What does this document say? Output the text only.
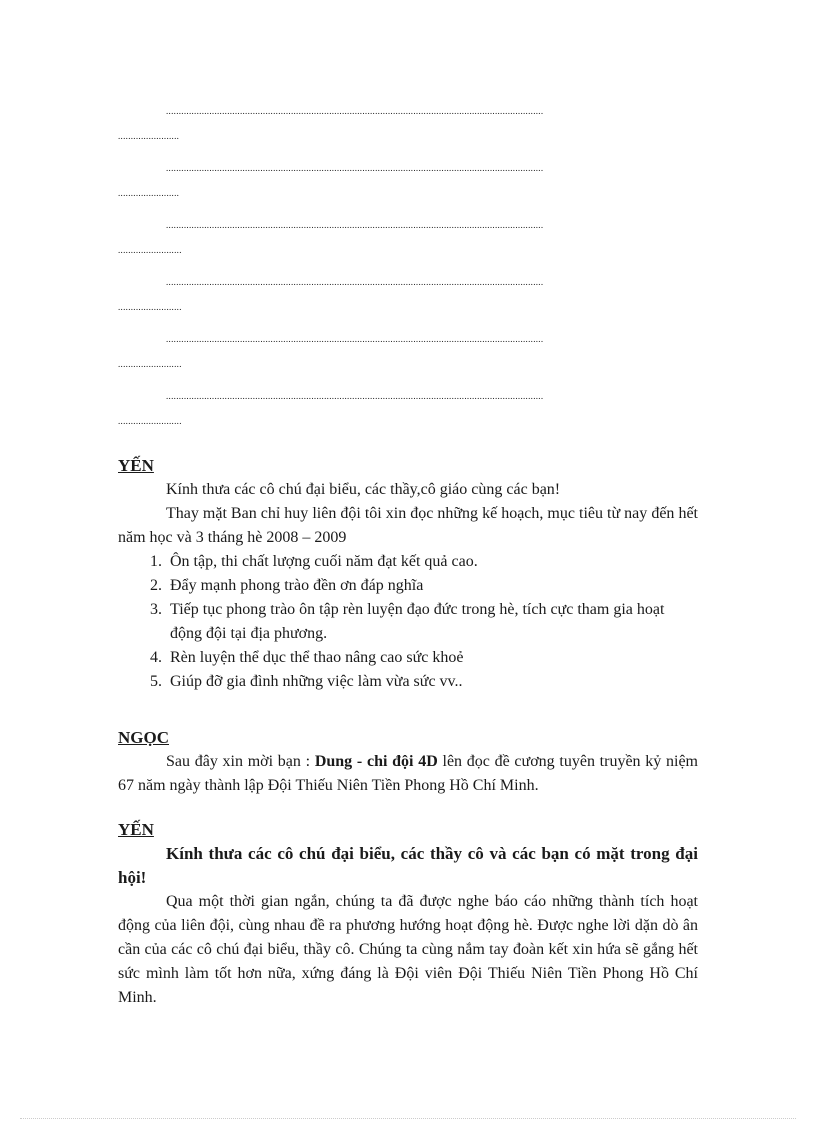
....................................................................................................................................................
........................
....................................................................................................................................................
........................
....................................................................................................................................................
.........................
....................................................................................................................................................
.........................
....................................................................................................................................................
.........................
....................................................................................................................................................
.........................
YẾN

Kính thưa các cô chú đại biểu, các thầy,cô giáo cùng các bạn!

Thay mặt Ban chỉ huy liên đội tôi xin đọc những kế hoạch, mục tiêu từ nay đến hết năm học và 3 tháng hè 2008 – 2009

1. Ôn tập, thi chất lượng cuối năm đạt kết quả cao.
2. Đẩy mạnh phong trào đền ơn đáp nghĩa
3. Tiếp tục phong trào ôn tập rèn luyện đạo đức trong hè, tích cực tham gia hoạt động đội tại địa phương.
4. Rèn luyện thể dục thể thao nâng cao sức khoẻ
5. Giúp đỡ gia đình những việc làm vừa sức vv..
NGỌC

Sau đây xin mời bạn : Dung - chi đội 4D lên đọc đề cương tuyên truyền kỷ niệm 67 năm ngày thành lập Đội Thiếu Niên Tiền Phong Hồ Chí Minh.

YẾN

Kính thưa các cô chú đại biểu, các thầy cô và các bạn có mặt trong đại hội!

Qua một thời gian ngắn, chúng ta đã được nghe báo cáo những thành tích hoạt động của liên đội, cùng nhau đề ra phương hướng hoạt động hè. Được nghe lời dặn dò ân cần của các cô chú đại biểu, thầy cô. Chúng ta cùng nắm tay đoàn kết xin hứa sẽ gắng hết sức mình làm tốt hơn nữa, xứng đáng là Đội viên Đội Thiếu Niên Tiền Phong Hồ Chí Minh.
